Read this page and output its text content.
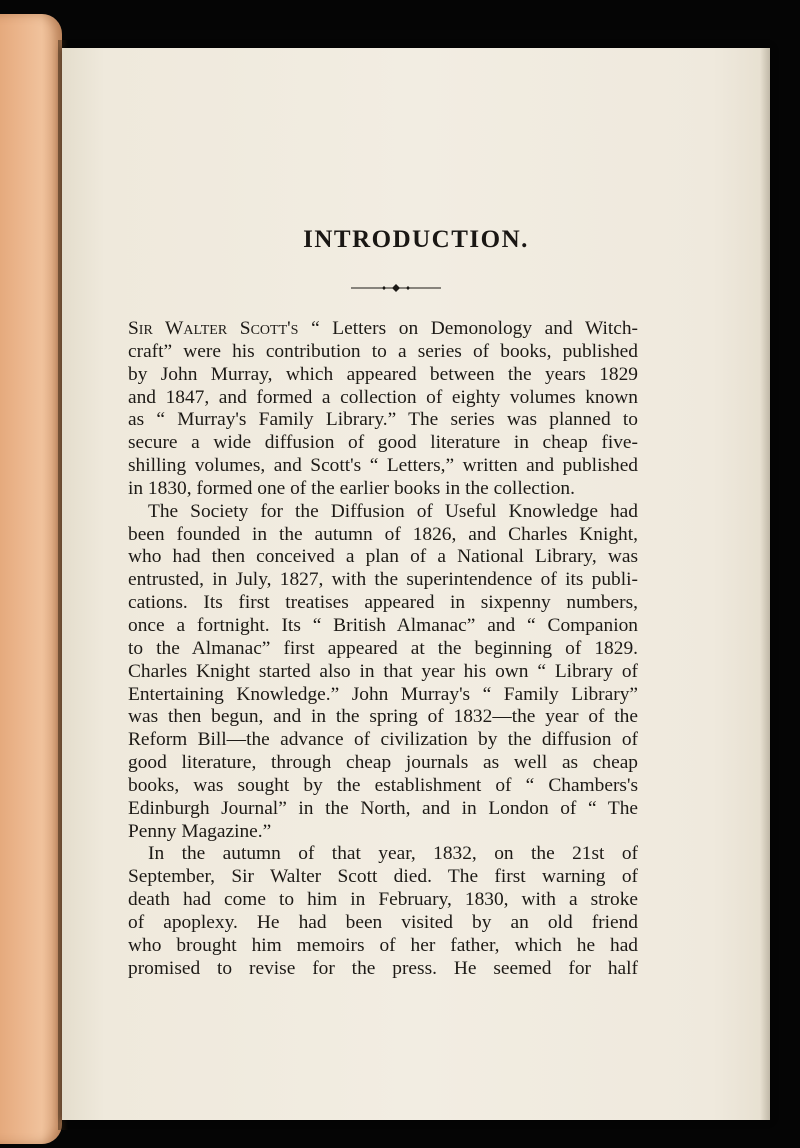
INTRODUCTION.
Sir Walter Scott's “ Letters on Demonology and Witch-
craft” were his contribution to a series of books, published
by John Murray, which appeared between the years 1829
and 1847, and formed a collection of eighty volumes known
as “ Murray's Family Library.” The series was planned to
secure a wide diffusion of good literature in cheap five-
shilling volumes, and Scott's “ Letters,” written and published
in 1830, formed one of the earlier books in the collection.
The Society for the Diffusion of Useful Knowledge had
been founded in the autumn of 1826, and Charles Knight,
who had then conceived a plan of a National Library, was
entrusted, in July, 1827, with the superintendence of its publi-
cations. Its first treatises appeared in sixpenny numbers,
once a fortnight. Its “ British Almanac” and “ Companion
to the Almanac” first appeared at the beginning of 1829.
Charles Knight started also in that year his own “ Library of
Entertaining Knowledge.” John Murray's “ Family Library”
was then begun, and in the spring of 1832—the year of the
Reform Bill—the advance of civilization by the diffusion of
good literature, through cheap journals as well as cheap
books, was sought by the establishment of “ Chambers's
Edinburgh Journal” in the North, and in London of “ The
Penny Magazine.”
In the autumn of that year, 1832, on the 21st of
September, Sir Walter Scott died. The first warning of
death had come to him in February, 1830, with a stroke
of apoplexy. He had been visited by an old friend
who brought him memoirs of her father, which he had
promised to revise for the press. He seemed for half
